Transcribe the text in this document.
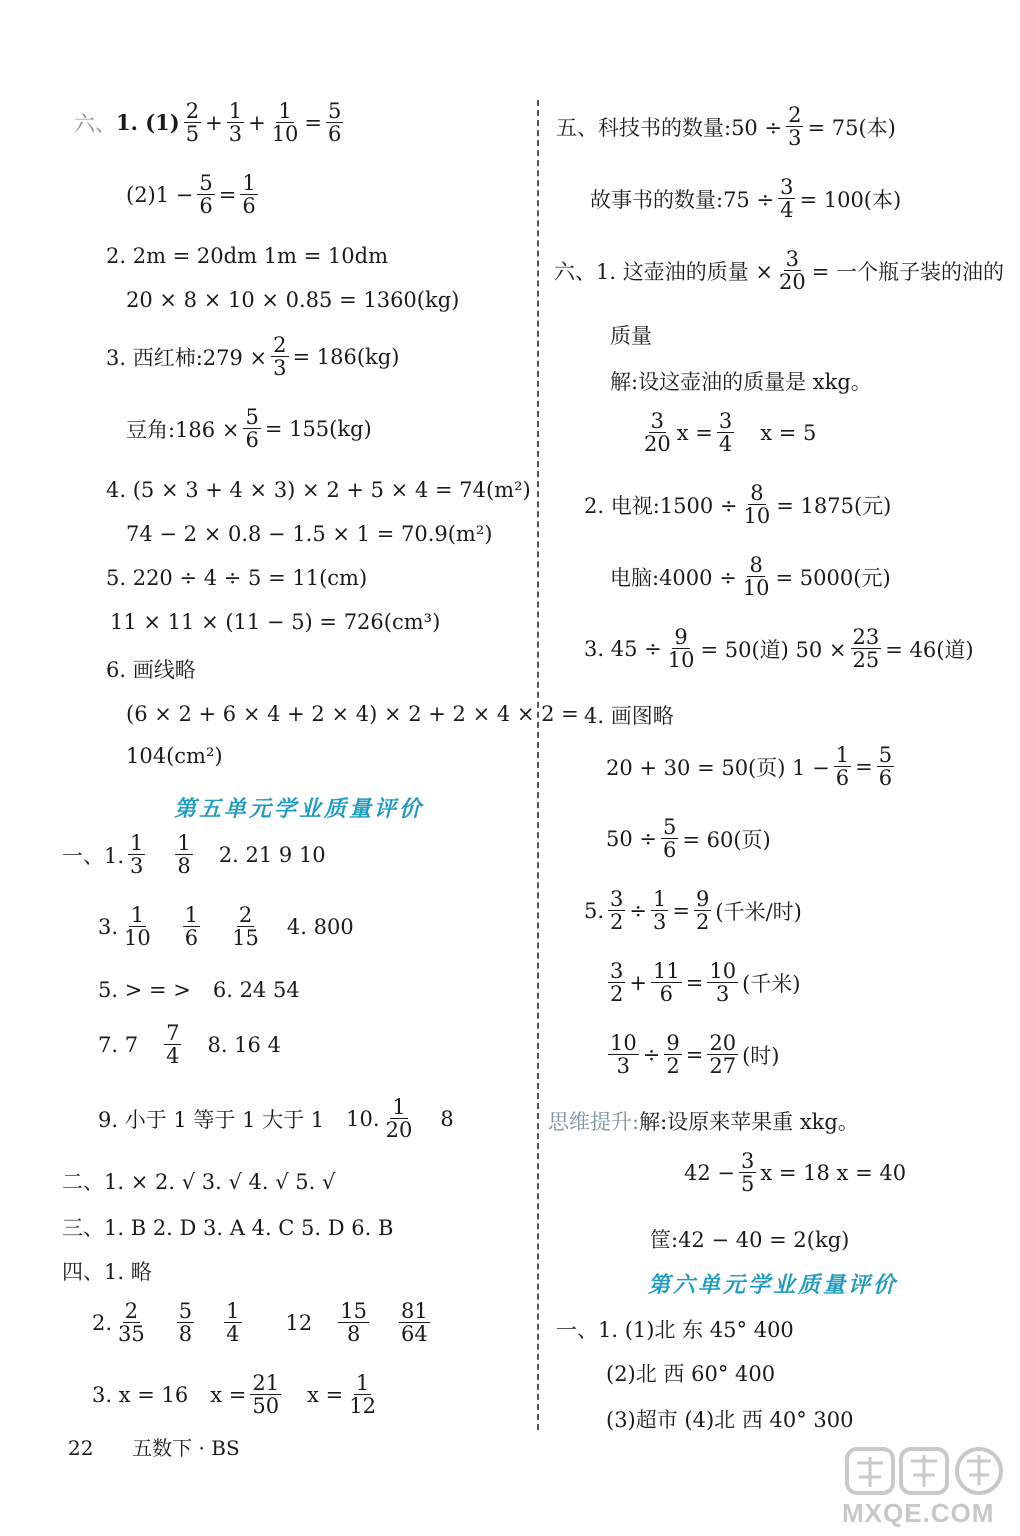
六、 1. $(1) \frac{2}{5} + \frac{1}{3} + \frac{1}{10} = \frac{5}{6}$
$(2)1 - \frac{5}{6} = \frac{1}{6}$
2. 2m = 20dm 1m = 10dm
20 × 8 × 10 × 0.85 = 1360(kg)
3. 西红柿:279 × $\frac{2}{3} = 186(kg)$
豆角:186 × $\frac{5}{6} = 155(kg)$
4. (5 × 3 + 4 × 3) × 2 + 5 × 4 = 74(m²)
74 − 2 × 0.8 − 1.5 × 1 = 70.9(m²)
5. 220 ÷ 4 ÷ 5 = 11(cm)
11 × 11 × (11 − 5) = 726(cm³)
6. 画线略
(6 × 2 + 6 × 4 + 2 × 4) × 2 + 2 × 4 × 2 =
104(cm²)
第五单元学业质量评价
一、1. $\frac{1}{3} \frac{1}{8} 2$. 21 9 10
3. $\frac{1}{10} \frac{1}{6} \frac{2}{15} 4$. 800
5. > = > 6. 24 54
7. $7 \frac{7}{4} 8$. 16 4
9. 小于 1 等于 1 大于 1 10. $\frac{1}{20} 8$
二、1. × 2. √ 3. √ 4. √ 5. √
三、1. B 2. D 3. A 4. C 5. D 6. B
四、1. 略
2. $\frac{2}{35} \frac{5}{8} \frac{1}{4} 12 \frac{15}{8} \frac{81}{64}$
3. x = 16 $x = \frac{21}{50}$ $x = \frac{1}{12}$
五、科技书的数量:50 ÷ $\frac{2}{3} = 75$(本)
故事书的数量:75 ÷ $\frac{3}{4} = 100$(本)
六、1. 这壶油的质量 × $\frac{3}{20}$ = 一个瓶子装的油的
质量
解:设这壶油的质量是 xkg。
$\frac{3}{20}$ $x = \frac{3}{4}$ x = 5
2. 电视:1500 ÷ $\frac{8}{10} = 1875$(元)
电脑:4000 ÷ $\frac{8}{10} = 5000$(元)
3. $45 \div \frac{9}{10} = 50$(道) $50 \times \frac{23}{25} = 46$(道)
4. 画图略
20 + 30 = 50(页) $1 - \frac{1}{6} = \frac{5}{6}$
$50 \div \frac{5}{6} = 60$(页)
5. $\frac{3}{2} \div \frac{1}{3} = \frac{9}{2}$ (千米/时)
$\frac{3}{2} + \frac{11}{6} = \frac{10}{3}$ (千米)
$\frac{10}{3} \div \frac{9}{2} = \frac{20}{27}$ (时)
思维提升: 解:设原来苹果重 xkg。
$42 - \frac{3}{5}$ x = 18 x = 40
筐:42 − 40 = 2(kg)
第六单元学业质量评价
一、1. (1)北 东 45° 400
(2)北 西 60° 400
(3)超市 (4)北 西 40° 300
22 五数下 · BS
MXQE.COM
